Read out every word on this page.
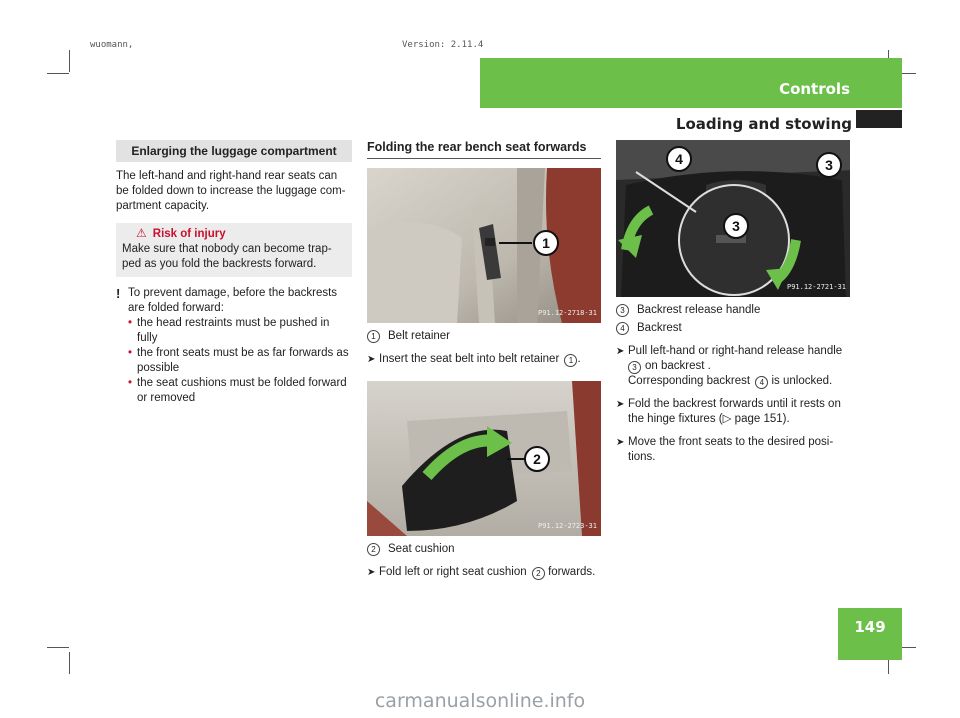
wuomann,	Version: 2.11.4
Controls
Loading and stowing
Enlarging the luggage compartment
The left-hand and right-hand rear seats can be folded down to increase the luggage com-partment capacity.
⚠ Risk of injury
Make sure that nobody can become trap-ped as you fold the backrests forward.
! To prevent damage, before the backrests are folded forward:
• the head restraints must be pushed in fully
• the front seats must be as far forwards as possible
• the seat cushions must be folded forward or removed
Folding the rear bench seat forwards
1
P91.12-2718-31
1	Belt retainer
➤ Insert the seat belt into belt retainer 1 .
2
P91.12-2723-31
2	Seat cushion
➤ Fold left or right seat cushion 2 forwards.
4	3
3
P91.12-2721-31
3	Backrest release handle
4	Backrest
➤ Pull left-hand or right-hand release handle
3 on backrest .
Corresponding backrest 4 is unlocked.
➤ Fold the backrest forwards until it rests on the hinge fixtures (▷ page 151).
➤ Move the front seats to the desired posi-tions.
149
carmanualsonline.info
